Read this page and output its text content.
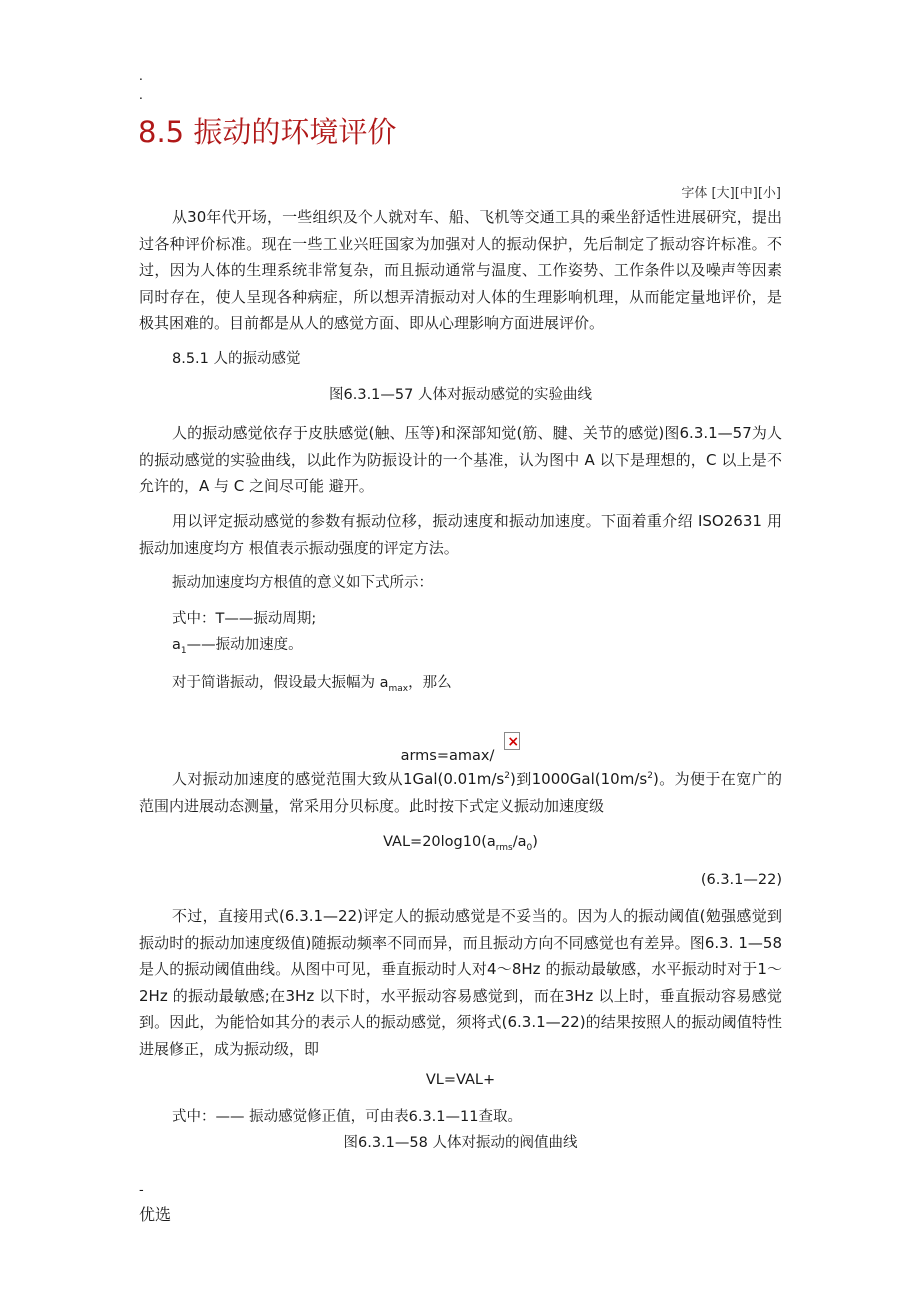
.
.
8.5 振动的环境评价
字体 [大][中][小]

从30年代开场，一些组织及个人就对车、船、飞机等交通工具的乘坐舒适性进展研究，提出过各种评价标准。现在一些工业兴旺国家为加强对人的振动保护，先后制定了振动容许标准。不过，因为人体的生理系统非常复杂，而且振动通常与温度、工作姿势、工作条件以及噪声等因素同时存在，使人呈现各种病症，所以想弄清振动对人体的生理影响机理，从而能定量地评价，是极其困难的。目前都是从人的感觉方面、即从心理影响方面进展评价。

8.5.1 人的振动感觉
图6.3.1—57 人体对振动感觉的实验曲线

人的振动感觉依存于皮肤感觉(触、压等)和深部知觉(筋、腱、关节的感觉)图6.3.1—57为人的振动感觉的实验曲线，以此作为防振设计的一个基准，认为图中 A 以下是理想的，C 以上是不允许的，A 与 C 之间尽可能 避开。

用以评定振动感觉的参数有振动位移，振动速度和振动加速度。下面着重介绍 ISO2631 用振动加速度均方 根值表示振动强度的评定方法。

振动加速度均方根值的意义如下式所示：
式中：T——振动周期;
$a_1——$振动加速度。
对于简谐振动，假设最大振幅为 $a_{max}$，那么
arms=amax/×

人对振动加速度的感觉范围大致从$1Gal(0.01m/s^2)$到$1000Gal(10m/s^2)$。为便于在宽广的范围内进展动态测量，常采用分贝标度。此时按下式定义振动加速度级

$VAL=20\log 10(a_{rms}/a_0)$
(6.3.1—22)

不过，直接用式(6.3.1—22)评定人的振动感觉是不妥当的。因为人的振动阈值(勉强感觉到振动时的振动加速度级值)随振动频率不同而异，而且振动方向不同感觉也有差异。图6.3. 1—58是人的振动阈值曲线。从图中可见，垂直振动时人对4～8Hz 的振动最敏感，水平振动时对于1～2Hz 的振动最敏感;在3Hz 以下时，水平振动容易感觉到，而在3Hz 以上时，垂直振动容易感觉到。因此，为能恰如其分的表示人的振动感觉，须将式(6.3.1—22)的结果按照人的振动阈值特性进展修正，成为振动级，即

VL=VAL+
式中：—— 振动感觉修正值，可由表6.3.1—11查取。
图6.3.1—58 人体对振动的阀值曲线
-
优选
